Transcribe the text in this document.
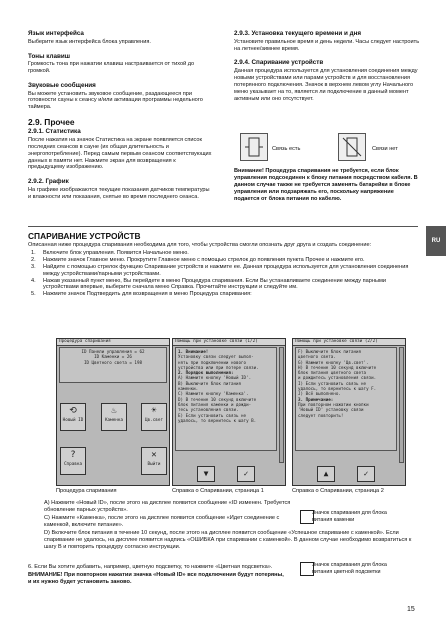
Язык интерфейса

Выберите язык интерфейса блока управления.

Тоны клавиш

Громкость тона при нажатии клавиш настраивается от тихой до громкой.

Звуковые сообщения

Вы можете установить звуковое сообщение, раздающееся при готовности сауны к сеансу и/или активации программы недельного таймера.

2.9. Прочее

2.9.1. Статистика

После нажатия на значок Статистика на экране появляется список последних сеансов в сауне (их общая длительность и энергопотребление). Перед самым первым сеансом соответствующих данных в памяти нет. Нажмите экран для возвращения к предыдущему изображению.

2.9.2. График

На графике изображаются текущие показания датчиков температуры и влажности или показания, снятые во время последнего сеанса.

2.9.3. Установка текущего времени и дня

Установите правильное время и день недели. Часы следует настроить на летнее/зимнее время.

2.9.4. Спаривание устройств

Данная процедура используется для установления соединения между новыми устройствами или парами устройств и для восстановления потерянного подключения. Значок в верхнем левом углу Начального меню указывает на то, является ли подключение в данный момент активным или оно отсутствует.

Связь есть	Связи нет

Внимание! Процедура спаривания не требуется, если блок управления подсоединен к блоку питания посредством кабеля. В данном случае также не требуется заменять батарейки в блоке управления или подзаряжать его, поскольку напряжение подается от блока питания по кабелю.

RU

СПАРИВАНИЕ УСТРОЙСТВ

Описанная ниже процедура спаривания необходима для того, чтобы устройства смогли опознать друг друга и создать соединение:

1. Включите блок управления. Появится Начальное меню.
2. Нажмите значок Главное меню. Прокрутите Главное меню с помощью стрелок до появления пункта Прочее и нажмите его.
3. Найдите с помощью стрелок функцию Спаривание устройств и нажмите ее. Данная процедура используется для установления соединения между устройствами/парными устройствами.
4. Нажав указанный пункт меню, Вы перейдете в меню Процедура спаривания. Если Вы устанавливаете соединение между парными устройствами впервые, выберите сначала меню Справка. Прочитайте инструкции и следуйте им.
5. Нажмите значок Подтвердить для возвращения в меню Процедура спаривания:
Процедура спаривания
ID Панели управления = 62
ID Каменки = 26
ID Цветного света = 198
⟲
Новый ID
♨
Каменка
☀
Цв.свет
?
Справка
✕
Выйти
Помощь при установке связи (1/2)
1. Внимание!
Установку связи следует выпол-
нять при подключении нового
устройства или при потере связи.
2. Порядок выполнения:
A) Нажмите кнопку 'Новый ID'.
B) Выключите блок питания
каменки.
C) Нажмите кнопку 'Каменка'.
D) В течение 10 секунд включите
блок питания каменки и дожди-
тесь установления связи.
E) Если установить связь не
удалось, то вернитесь к шагу B.
▼	✓
Помощь при установке связи (2/2)
F) Выключите блок питания
цветного света.
G) Нажмите кнопку 'Цв.свет'.
H) В течение 10 секунд включите
блок питания цветного света
и дождитесь установления связи.
I) Если установить связь не
удалось, то вернитесь к шагу F.
J) Всё выполнено.
3. Примечание:
При повторном нажатии кнопки
'Новый ID' установку связи
следует повторить!
▲	✓
Процедура спаривания	Справка о Спаривании, страница 1	Справка о Спаривании, страница 2

A) Нажмите «Новый ID», после этого на дисплее появится сообщение «ID изменен. Требуется обновление парных устройств».

C) Нажмите «Каменка», после этого на дисплее появится сообщение «Идет соединение с каменкой, включите питание».

Значок спаривания для блока питания каменки

D) Включите блок питания в течение 10 секунд, после этого на дисплее появится сообщение «Успешное спаривание с каменкой». Если спаривание не удалось, на дисплее появится надпись «ОШИБКА при спаривании с каменкой». В данном случае необходимо возвратиться к шагу В и повторить процедуру согласно инструкции.

6. Если Вы хотите добавить, например, цветную подсветку, то нажмите «Цветная подсветка».

ВНИМАНИЕ! При повторном нажатии значка «Новый ID» все подключения будут потеряны, и их нужно будет установить заново.

Значок спаривания для блока питания цветной подсветки
15
